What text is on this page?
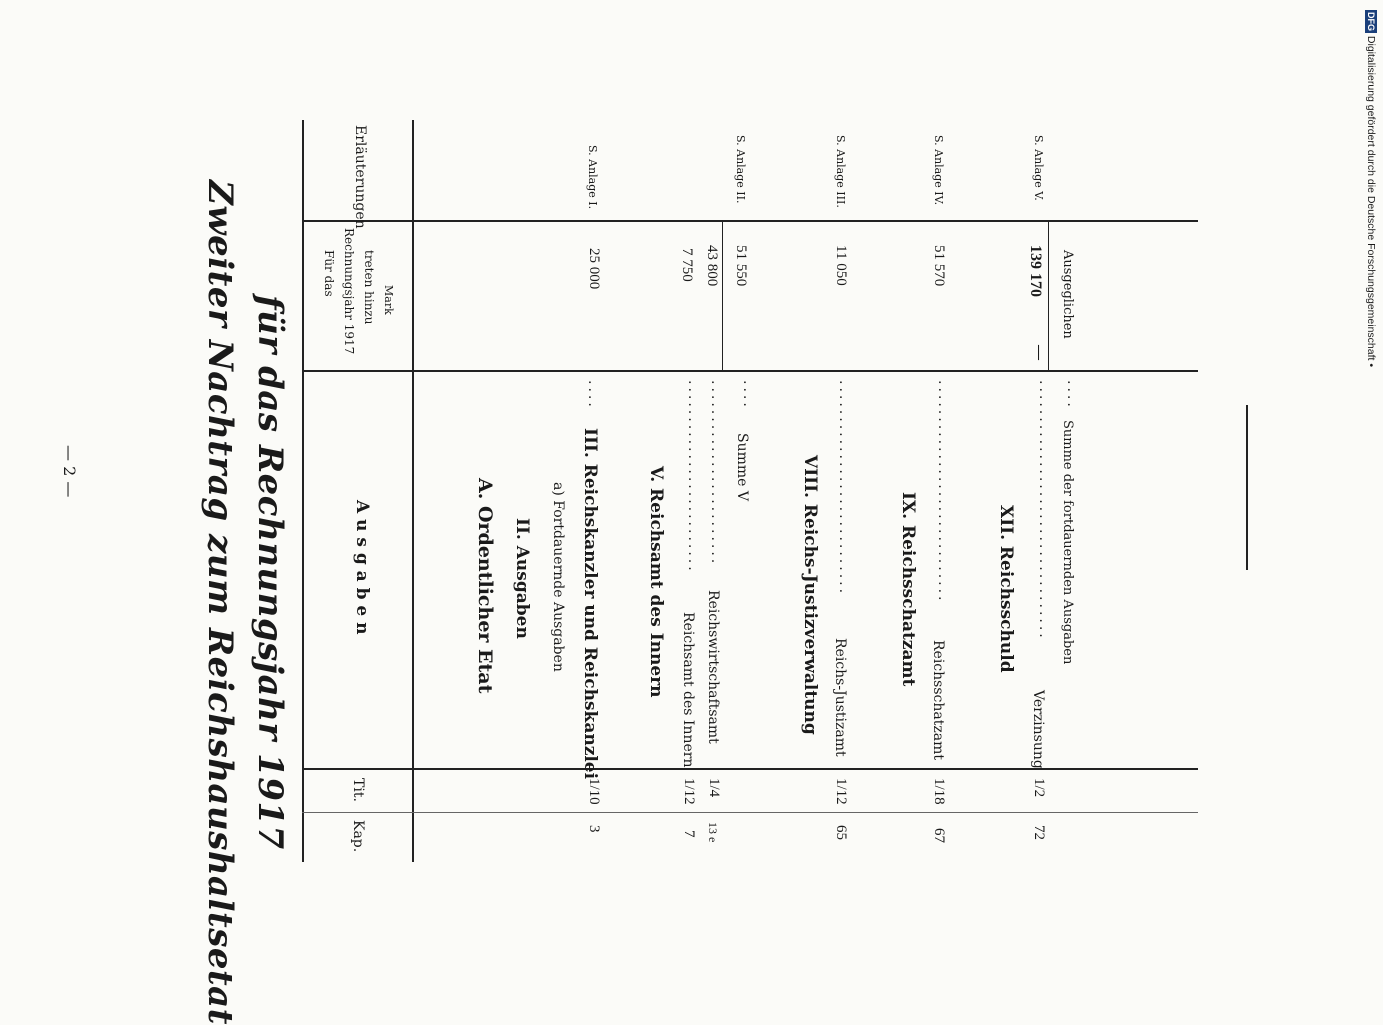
— 2 —	Zweiter Nachtrag zum Reichshaushaltsetat für das Rechnungsjahr 1917	Kap.
Tit.
A u s g a b e n
Für das Rechnungsjahr 1917 treten hinzu Mark
Erläuterungen
A. Ordentlicher Etat II. Ausgaben a) Fortdauernde Ausgaben III. Reichskanzler und Reichskanzlei
....
3
1/10
25 000
S. Anlage I.
V. Reichsamt des Innern
7
1/12
Reichsamt des Innern
..........................
7 750
13 e
1/4
Reichswirtschaftsamt
.........................
43 800
Summe V
....
51 550
S. Anlage II.
VIII. Reichs-Justizverwaltung
65
1/12
Reichs-Justizamt
.............................
11 050
S. Anlage III.
IX. Reichsschatzamt
67
1/18
Reichsschatzamt
..............................
51 570
S. Anlage IV.
XII. Reichsschuld
72
1/2
Verzinsung
...................................
139 170
—
S. Anlage V.
Summe der fortdauernden Ausgaben
....
Ausgeglichen
DFG Digitalisierung gefördert durch die Deutsche Forschungsgemeinschaft •
